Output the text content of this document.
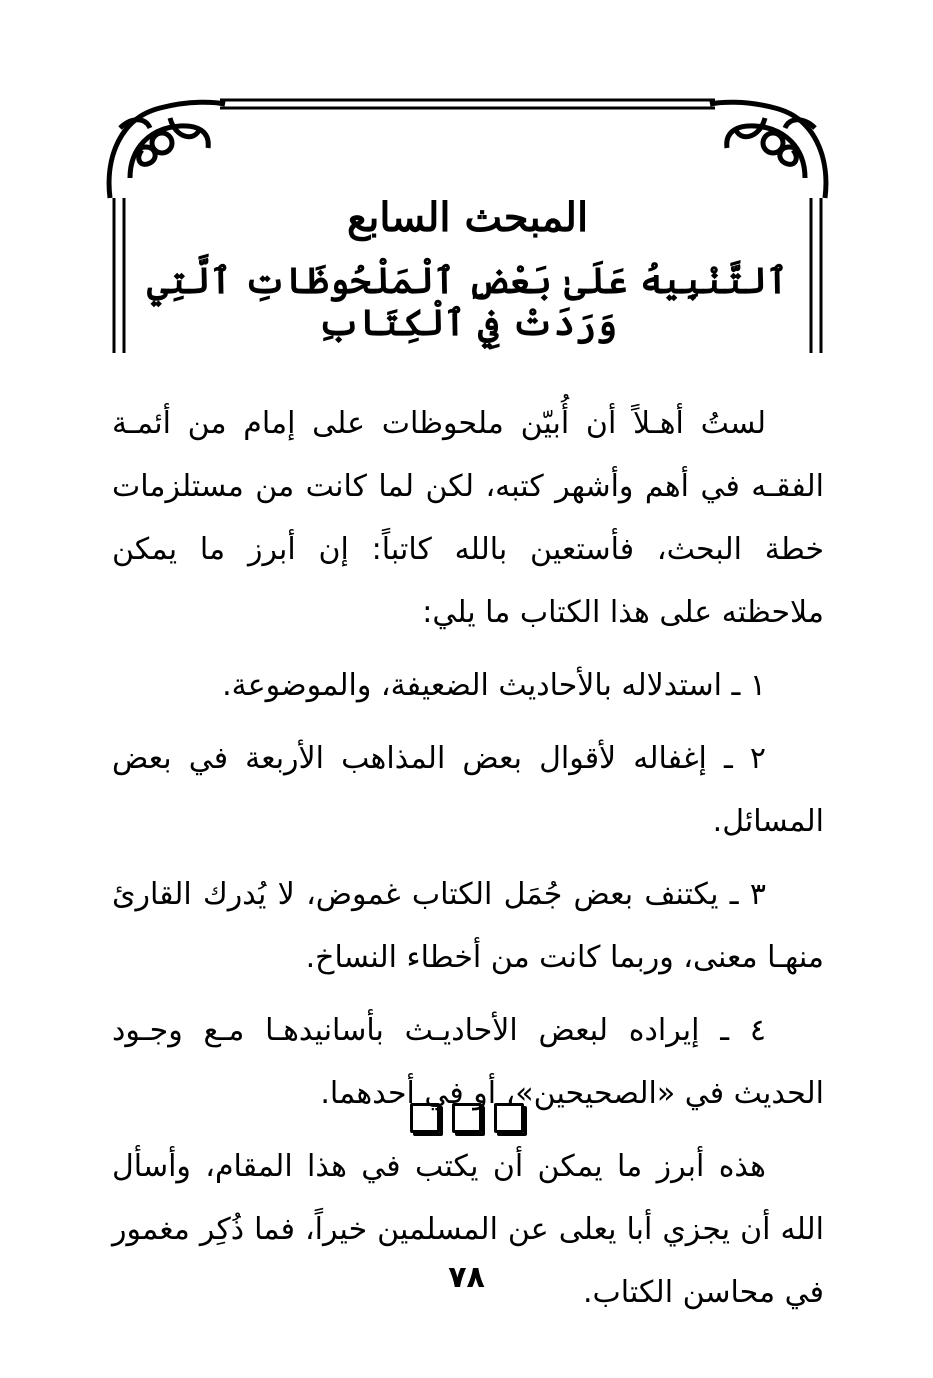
المبحث السابع
ٱلتَّنْبِيهُ عَلَىٰ بَعْضِ ٱلْمَلْحُوظَاتِ ٱلَّتِي وَرَدَتْ فِي ٱلْكِتَابِ

لستُ أهـلاً أن أُبيّن ملحوظات على إمام من أئمـة الفقـه في أهم وأشهر كتبه، لكن لما كانت من مستلزمات خطة البحث، فأستعين بالله كاتباً: إن أبرز ما يمكن ملاحظته على هذا الكتاب ما يلي:

١ ـ استدلاله بالأحاديث الضعيفة، والموضوعة.

٢ ـ إغفاله لأقوال بعض المذاهب الأربعة في بعض المسائل.

٣ ـ يكتنف بعض جُمَل الكتاب غموض، لا يُدرك القارئ منهـا معنى، وربما كانت من أخطاء النساخ.

٤ ـ إيراده لبعض الأحاديـث بأسانيدهـا مـع وجـود الحديث في «الصحيحين»، أو في أحدهما.

هذه أبرز ما يمكن أن يكتب في هذا المقام، وأسأل الله أن يجزي أبا يعلى عن المسلمين خيراً، فما ذُكِر مغمور في محاسن الكتاب.

٧٨
